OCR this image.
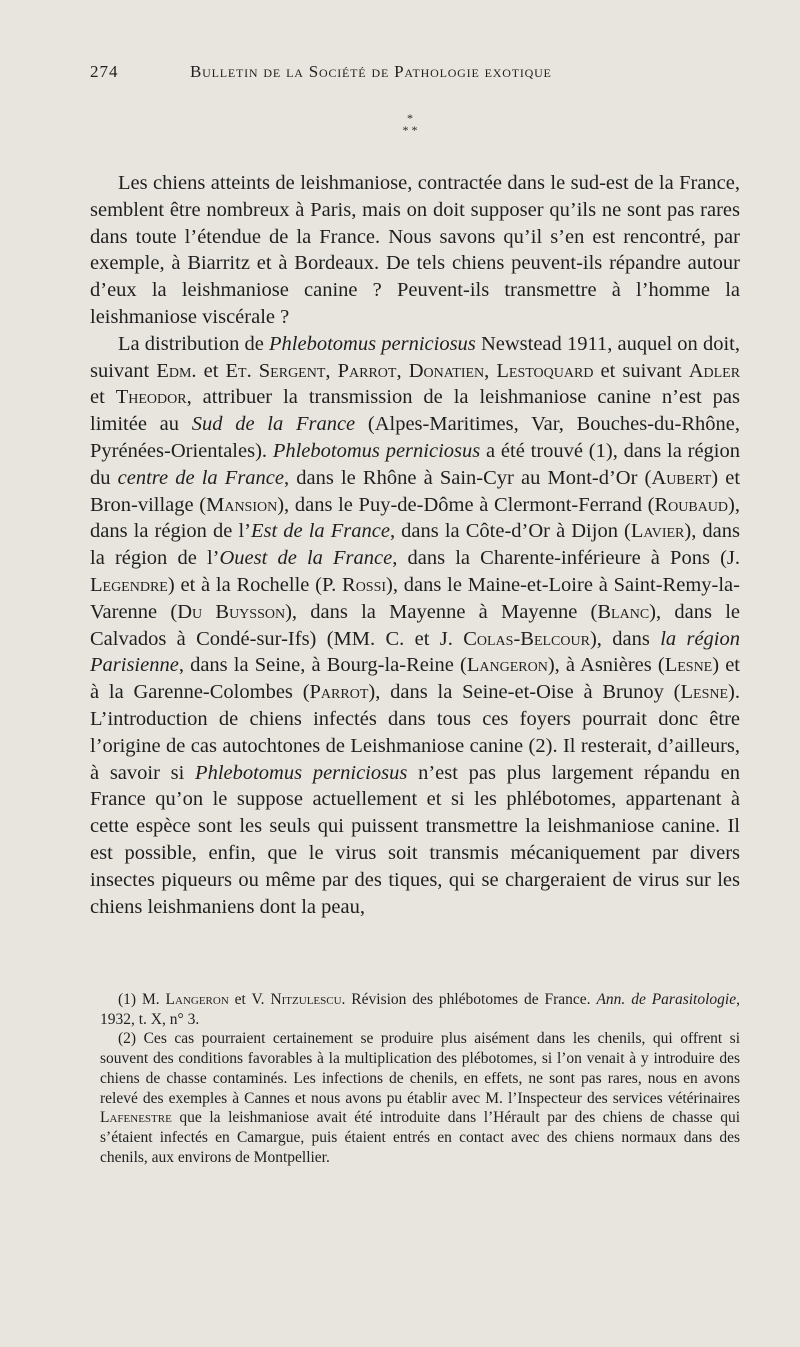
274	Bulletin de la Société de Pathologie exotique
*
* *

Les chiens atteints de leishmaniose, contractée dans le sud-est de la France, semblent être nombreux à Paris, mais on doit supposer qu’ils ne sont pas rares dans toute l’étendue de la France. Nous savons qu’il s’en est rencontré, par exemple, à Biarritz et à Bordeaux. De tels chiens peuvent-ils répandre autour d’eux la leishmaniose canine ? Peuvent-ils transmettre à l’homme la leishmaniose viscérale ?

La distribution de Phlebotomus perniciosus Newstead 1911, auquel on doit, suivant Edm. et Et. Sergent, Parrot, Donatien, Lestoquard et suivant Adler et Theodor, attribuer la transmission de la leishmaniose canine n’est pas limitée au Sud de la France (Alpes-Maritimes, Var, Bouches-du-Rhône, Pyrénées-Orientales). Phlebotomus perniciosus a été trouvé (1), dans la région du centre de la France, dans le Rhône à Sain-Cyr au Mont-d’Or (Aubert) et Bron-village (Mansion), dans le Puy-de-Dôme à Clermont-Ferrand (Roubaud), dans la région de l’Est de la France, dans la Côte-d’Or à Dijon (Lavier), dans la région de l’Ouest de la France, dans la Charente-inférieure à Pons (J. Legendre) et à la Rochelle (P. Rossi), dans le Maine-et-Loire à Saint-Remy-la-Varenne (Du Buysson), dans la Mayenne à Mayenne (Blanc), dans le Calvados à Condé-sur-Ifs) (MM. C. et J. Colas-Belcour), dans la région Parisienne, dans la Seine, à Bourg-la-Reine (Langeron), à Asnières (Lesne) et à la Garenne-Colombes (Parrot), dans la Seine-et-Oise à Brunoy (Lesne). L’introduction de chiens infectés dans tous ces foyers pourrait donc être l’origine de cas autochtones de Leishmaniose canine (2). Il resterait, d’ailleurs, à savoir si Phlebotomus perniciosus n’est pas plus largement répandu en France qu’on le suppose actuellement et si les phlébotomes, appartenant à cette espèce sont les seuls qui puissent transmettre la leishmaniose canine. Il est possible, enfin, que le virus soit transmis mécaniquement par divers insectes piqueurs ou même par des tiques, qui se chargeraient de virus sur les chiens leishmaniens dont la peau,

(1) M. Langeron et V. Nitzulescu. Révision des phlébotomes de France. Ann. de Parasitologie, 1932, t. X, n° 3.

(2) Ces cas pourraient certainement se produire plus aisément dans les chenils, qui offrent si souvent des conditions favorables à la multiplication des plébotomes, si l’on venait à y introduire des chiens de chasse contaminés. Les infections de chenils, en effets, ne sont pas rares, nous en avons relevé des exemples à Cannes et nous avons pu établir avec M. l’Inspecteur des services vétérinaires Lafenestre que la leishmaniose avait été introduite dans l’Hérault par des chiens de chasse qui s’étaient infectés en Camargue, puis étaient entrés en contact avec des chiens normaux dans des chenils, aux environs de Montpellier.
